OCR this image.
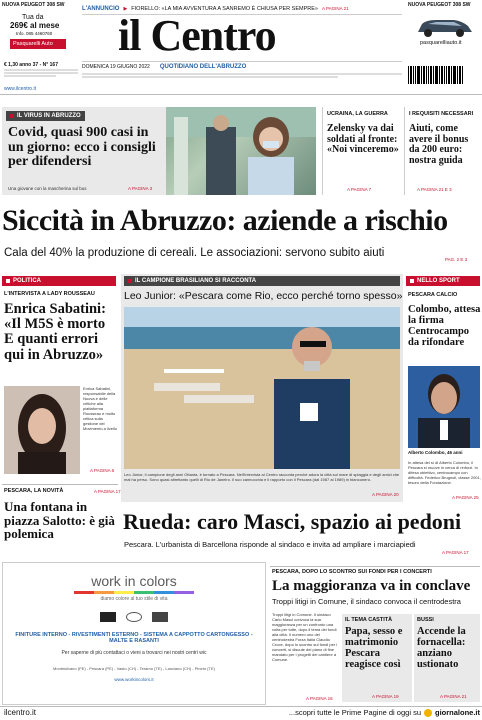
NUOVA PEUGEOT 308 SW
Tua da
269€ al mese
Info. 085 4460760
Pasquarelli Auto
L'ANNUNCIO ▶ FIORELLO: «LA MIA AVVENTURA A SANREMO È CHIUSA PER SEMPRE» A PAGINA 21
il Centro
DOMENICA 19 GIUGNO 2022 QUOTIDIANO DELL'ABRUZZO
€ 1,30 anno 37 - N° 167
NUOVA PEUGEOT 308 SW
pasquarelliauto.it
www.ilcentro.it
IL VIRUS IN ABRUZZO
Covid, quasi 900 casi in un giorno: ecco i consigli per difendersi
Una giovane con la mascherina sul bus	A PAGINA 3
UCRAINA, LA GUERRA
Zelensky va dai soldati al fronte: «Noi vinceremo»
A PAGINA 7
I REQUISITI NECESSARI
Aiuti, come avere il bonus da 200 euro: nostra guida
A PAGINA 21 E 3
Siccità in Abruzzo: aziende a rischio
Cala del 40% la produzione di cereali. Le associazioni: servono subito aiuti
PAG. 2 E 3
POLITICA
L'INTERVISTA A LADY ROUSSEAU
Enrica Sabatini: «Il M5S è morto E quanti errori qui in Abruzzo»
Enrica Sabatini, responsabile della Nuova e delle critiche alla piattaforma Rousseau e molto critica sulla gestione del Movimento a livello
A PAGINA 6
PESCARA, LA NOVITÀ	A PAGINA 17
Una fontana in piazza Salotto: è già polemica
IL CAMPIONE BRASILIANO SI RACCONTA
Leo Junior: «Pescara come Rio, ecco perché torno spesso»
Leo Júnior, il campione degli anni Ottanta, è tornato a Pescara. Nell'intervista al Centro racconta perché adora la città sul mare di spiaggia e degli amici che mai ha perso. Sono quasi altrettanto quelli di Rio de Janeiro. Il suo cannocchia e il rapporto con il Pescara (dal 1987 al 1989) in bianconero.
A PAGINA 20
NELLO SPORT
PESCARA CALCIO
Colombo, attesa la firma Centrocampo da rifondare
Alberto Colombo, 46 anni
In attesa del sì di Alberto Colombo, il Pescara si muove in cerca di rinforzi. In difesa obiettivo, centrocampo con difficoltà. Federico Brugnoli, classe 2001, tesoro della Fondazione.
A PAGINA 25
Rueda: caro Masci, spazio ai pedoni
Pescara. L'urbanista di Barcellona risponde al sindaco e invita ad ampliare i marciapiedi
A PAGINA 17
work in colors
diamo colore al tuo stile di vita
FINITURE INTERNO - RIVESTIMENTI ESTERNO - SISTEMA A CAPPOTTO CARTONGESSO - MALTE E RASANTI
Per saperne di più contattaci o vieni a trovarci nei nostri centri wic
Montesilvano (PE) - Pescara (PE) - Vasto (CH) - Teramo (TE) - Lanciano (CH) - Pineto (TE)
www.workincolors.it
PESCARA, DOPO LO SCONTRO SUI FONDI PER I CONCERTI
La maggioranza va in conclave
Troppi litigi in Comune, il sindaco convoca il centrodestra
Troppi litigi in Comune. Il sindaco Carlo Masci convoca la sua maggioranza per un confronto una volta per tutte, dopo il tema dei fondi alla città. Il numero uno del centrodestra Forza Italia Claudio Croce, dopo lo scontro sui fondi per i concerti, si discute del piano di fine mandato per i progetti del cantiere a Comune.
A PAGINA 16
IL TEMA CASTITÀ
Papa, sesso e matrimonio Pescara reagisce così
A PAGINA 19
BUSSI
Accende la fornacella: anziano ustionato
A PAGINA 21
ilcentro.it	...scopri tutte le Prime Pagine di oggi su giornalone.it
